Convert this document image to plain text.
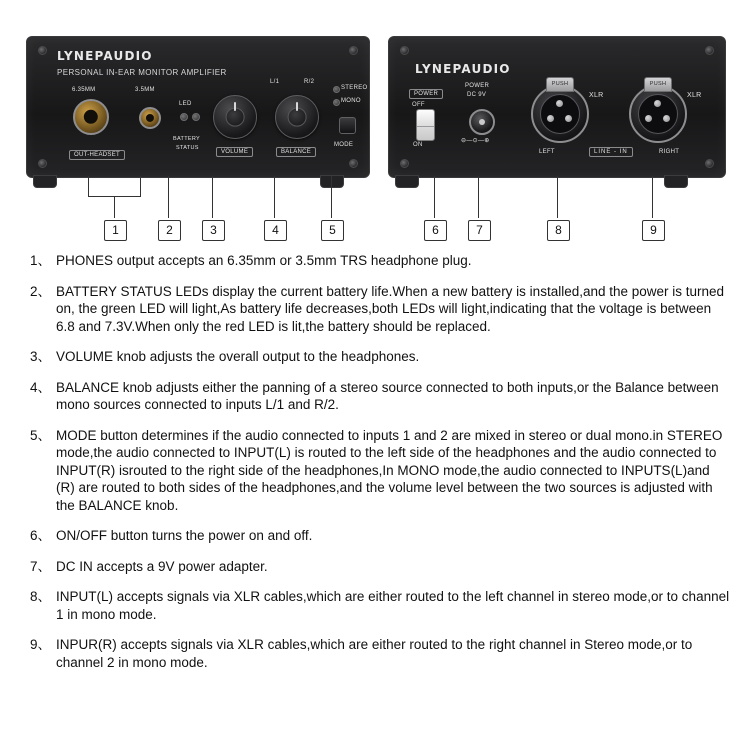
LYNEPAUDIO
PERSONAL IN-EAR MONITOR AMPLIFIER
6.35MM	3.5MM
OUT-HEADSET
LED
BATTERY
STATUS
VOLUME
L/1	R/2
BALANCE
STEREO
MONO
MODE
LYNEPAUDIO
POWER
OFF
ON
POWER
DC 9V
⊖—⊙—⊕
PUSH
XLR
PUSH
XLR
LEFT	RIGHT
LINE - IN
1	2	3	4	5	6	7	8	9
1、 PHONES output accepts an 6.35mm or 3.5mm TRS headphone plug.
2、 BATTERY STATUS LEDs display the current battery life.When a new battery is installed,and the power is turned on, the green LED will light,As battery life decreases,both LEDs will light,indicating that the voltage is between 6.8 and 7.3V.When only the red LED is lit,the battery should be replaced.
3、 VOLUME knob adjusts the overall output to the headphones.
4、 BALANCE knob adjusts either the panning of a stereo source connected to both inputs,or the Balance between mono sources connected to inputs L/1 and R/2.
5、 MODE button determines if the audio connected to inputs 1 and 2 are mixed in stereo or dual mono.in STEREO mode,the audio connected to INPUT(L) is routed to the left side of the headphones and the audio connected to INPUT(R) isrouted to the right side of the headphones,In MONO mode,the audio connected to INPUTS(L)and (R) are routed to both sides of the headphones,and the volume level between the two sources is adjusted with the BALANCE knob.
6、 ON/OFF button turns the power on and off.
7、 DC IN accepts a 9V power adapter.
8、 INPUT(L) accepts signals via XLR cables,which are either routed to the left channel in stereo mode,or to channel 1 in mono mode.
9、 INPUR(R) accepts signals via XLR cables,which are either routed to the right channel in Stereo mode,or to channel 2 in mono mode.
